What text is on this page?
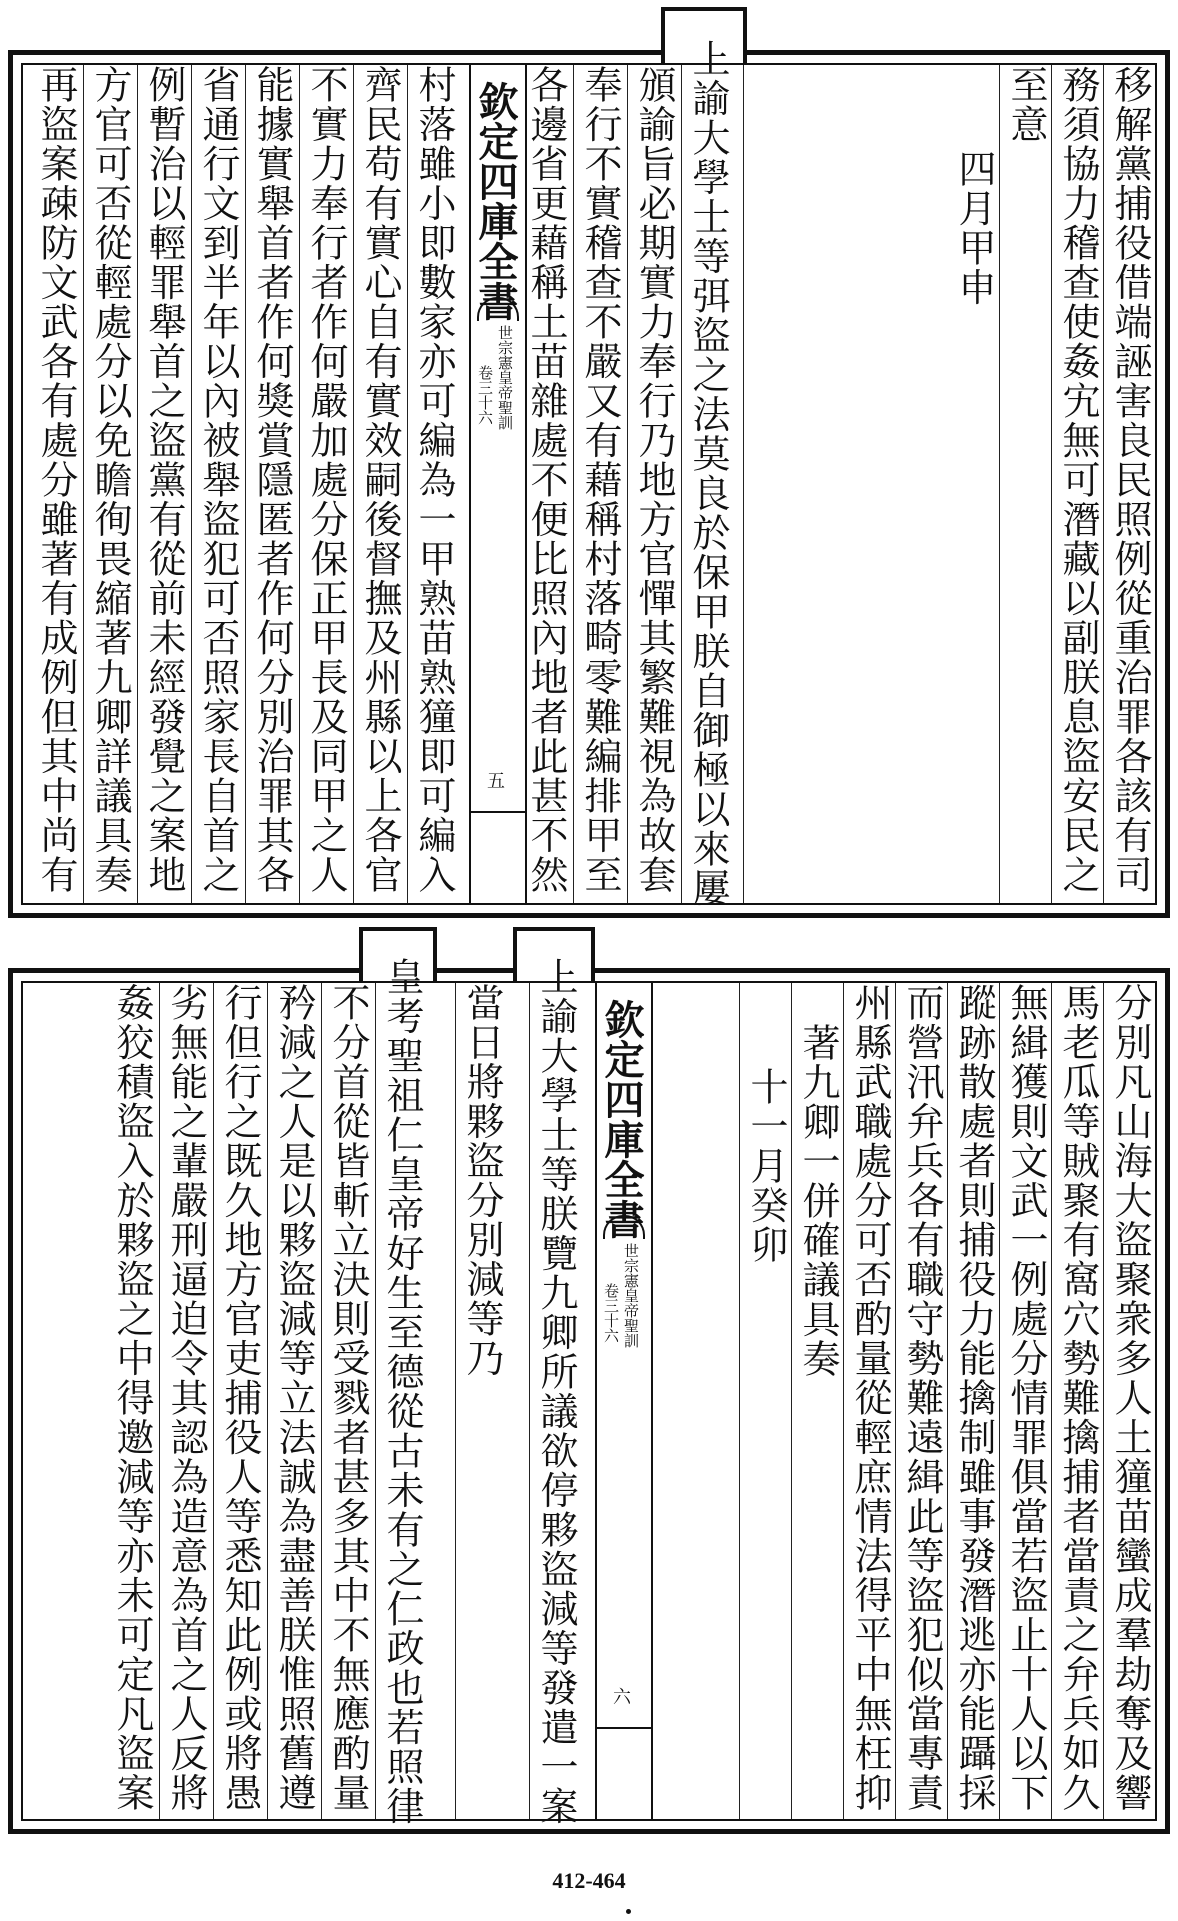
移解黨捕役借端誣害良民照例從重治罪各該有司
務須協力稽查使姦宄無可潛藏以副朕息盜安民之
至意
四月甲申
上諭大學士等弭盜之法莫良於保甲朕自御極以來屢
頒諭旨必期實力奉行乃地方官憚其繁難視為故套
奉行不實稽查不嚴又有藉稱村落畸零難編排甲至
各邊省更藉稱土苗雜處不便比照內地者此甚不然
欽定四庫全書
世宗憲皇帝聖訓
卷三十六
五
村落雖小即數家亦可編為一甲熟苗熟獞即可編入
齊民苟有實心自有實效嗣後督撫及州縣以上各官
不實力奉行者作何嚴加處分保正甲長及同甲之人
能據實舉首者作何獎賞隱匿者作何分別治罪其各
省通行文到半年以內被舉盜犯可否照家長自首之
例暫治以輕罪舉首之盜黨有從前未經發覺之案地
方官可否從輕處分以免瞻徇畏縮著九卿詳議具奏
再盜案疎防文武各有處分雖著有成例但其中尚有
分別凡山海大盜聚衆多人土獞苗蠻成羣劫奪及響
馬老瓜等賊聚有窩穴勢難擒捕者當責之弁兵如久
無緝獲則文武一例處分情罪俱當若盜止十人以下
蹤跡散處者則捕役力能擒制雖事發潛逃亦能躡採
而營汛弁兵各有職守勢難遠緝此等盜犯似當專責
州縣武職處分可否酌量從輕庶情法得平中無枉抑
著九卿一併確議具奏
十一月癸卯
欽定四庫全書
世宗憲皇帝聖訓
卷三十六
六
上諭大學士等朕覽九卿所議欲停夥盜減等發遣一案
當日將夥盜分別減等乃
皇考聖祖仁皇帝好生至德從古未有之仁政也若照律
不分首從皆斬立決則受戮者甚多其中不無應酌量
矜減之人是以夥盜減等立法誠為盡善朕惟照舊遵
行但行之既久地方官吏捕役人等悉知此例或將愚
劣無能之輩嚴刑逼迫令其認為造意為首之人反將
姦狡積盜入於夥盜之中得邀減等亦未可定凡盜案
412-464
